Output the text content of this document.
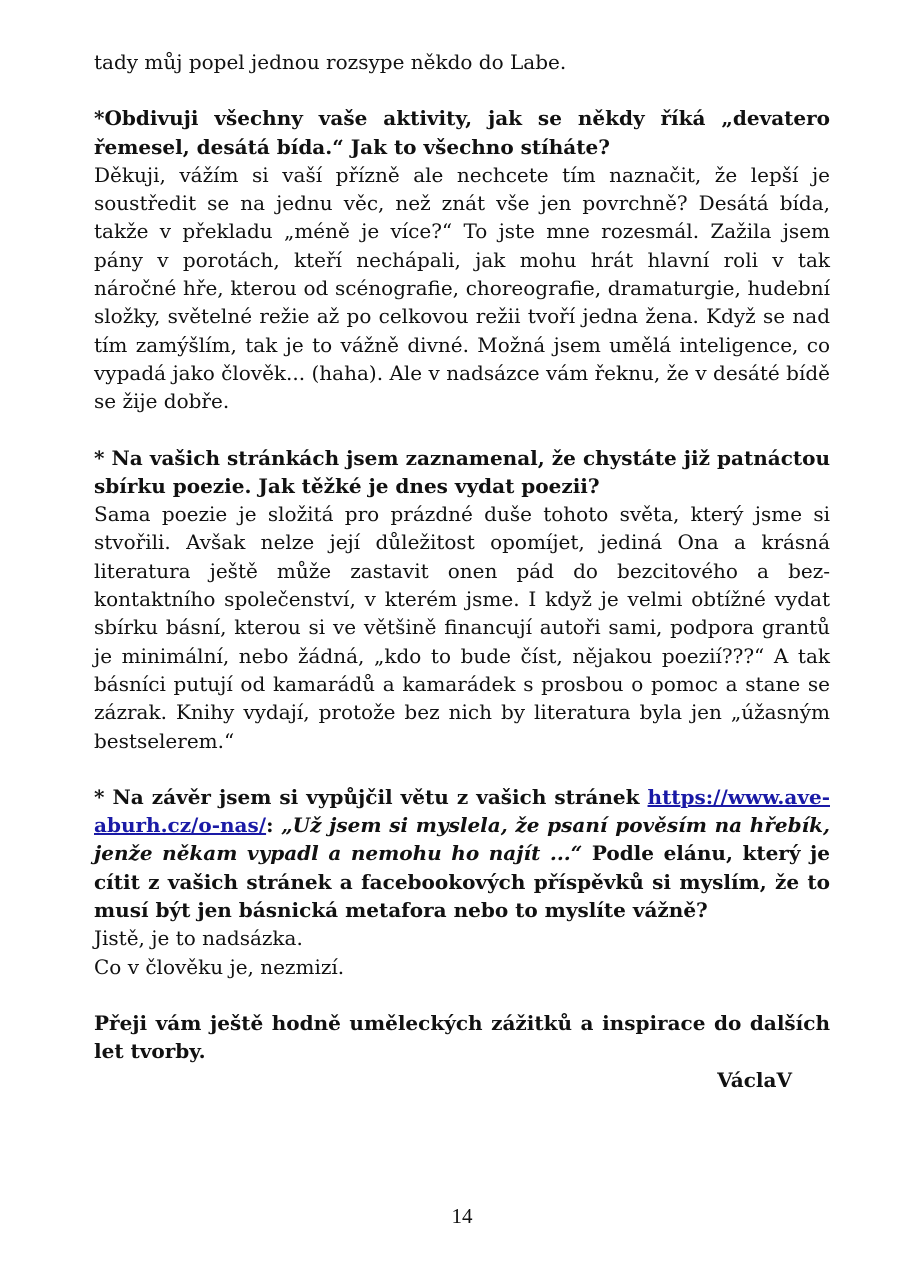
tady můj popel jednou rozsype někdo do Labe.

*Obdivuji všechny vaše aktivity, jak se někdy říká „devatero řemesel, desátá bída.“ Jak to všechno stíháte?

Děkuji, vážím si vaší přízně ale nechcete tím naznačit, že lepší je soustředit se na jednu věc, než znát vše jen povrchně? Desátá bída, takže v překladu „méně je více?“ To jste mne rozesmál. Zažila jsem pány v porotách, kteří nechápali, jak mohu hrát hlavní roli v tak náročné hře, kterou od scénografie, choreografie, dramaturgie, hudební složky, světelné režie až po celkovou režii tvoří jedna žena. Když se nad tím zamýšlím, tak je to vážně divné. Možná jsem umělá inteligence, co vypadá jako člověk... (haha). Ale v nadsázce vám řeknu, že v desáté bídě se žije dobře.

* Na vašich stránkách jsem zaznamenal, že chystáte již patnáctou sbírku poezie. Jak těžké je dnes vydat poezii?

Sama poezie je složitá pro prázdné duše tohoto světa, který jsme si stvořili. Avšak nelze její důležitost opomíjet, jediná Ona a krásná literatura ještě může zastavit onen pád do bezcitového a bez-kontaktního společenství, v kterém jsme. I když je velmi obtížné vydat sbírku básní, kterou si ve většině financují autoři sami, podpora grantů je minimální, nebo žádná, „kdo to bude číst, nějakou poezií???“ A tak básníci putují od kamarádů a kamarádek s prosbou o pomoc a stane se zázrak. Knihy vydají, protože bez nich by literatura byla jen „úžasným bestselerem.“

* Na závěr jsem si vypůjčil větu z vašich stránek https://www.ave-aburh.cz/o-nas/: „Už jsem si myslela, že psaní pověsím na hřebík, jenže někam vypadl a nemohu ho najít ...“ Podle elánu, který je cítit z vašich stránek a facebookových příspěvků si myslím, že to musí být jen básnická metafora nebo to myslíte vážně?

Jistě, je to nadsázka.

Co v člověku je, nezmizí.

Přeji vám ještě hodně uměleckých zážitků a inspirace do dalších let tvorby.

VáclaV

14
